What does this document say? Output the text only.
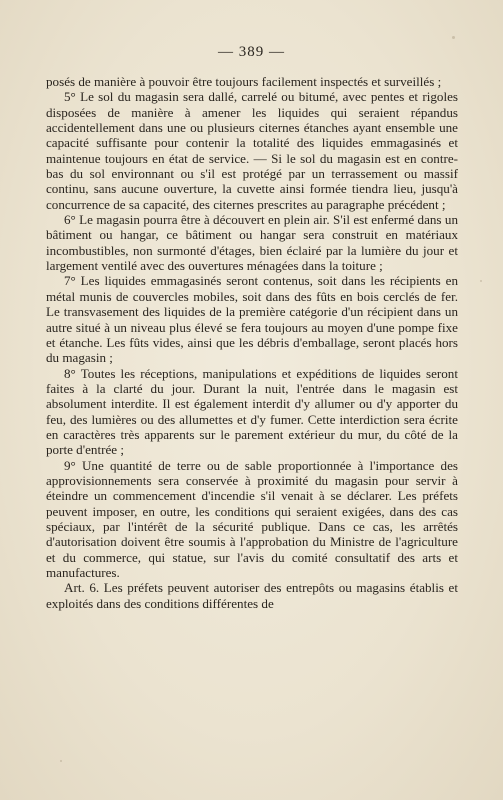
— 389 —

posés de manière à pouvoir être toujours facilement inspectés et surveillés ;

5° Le sol du magasin sera dallé, carrelé ou bitumé, avec pentes et rigoles disposées de manière à amener les liquides qui seraient répandus accidentellement dans une ou plusieurs citernes étanches ayant ensemble une capacité suffisante pour contenir la totalité des liquides emmagasinés et maintenue toujours en état de service. — Si le sol du magasin est en contre-bas du sol environnant ou s'il est protégé par un terrassement ou massif continu, sans aucune ouverture, la cuvette ainsi formée tiendra lieu, jusqu'à concurrence de sa capacité, des citernes prescrites au paragraphe précédent ;

6° Le magasin pourra être à découvert en plein air. S'il est enfermé dans un bâtiment ou hangar, ce bâtiment ou hangar sera construit en matériaux incombustibles, non surmonté d'étages, bien éclairé par la lumière du jour et largement ventilé avec des ouvertures ménagées dans la toiture ;

7° Les liquides emmagasinés seront contenus, soit dans les récipients en métal munis de couvercles mobiles, soit dans des fûts en bois cerclés de fer. Le transvasement des liquides de la première catégorie d'un récipient dans un autre situé à un niveau plus élevé se fera toujours au moyen d'une pompe fixe et étanche. Les fûts vides, ainsi que les débris d'emballage, seront placés hors du magasin ;

8° Toutes les réceptions, manipulations et expéditions de liquides seront faites à la clarté du jour. Durant la nuit, l'entrée dans le magasin est absolument interdite. Il est également interdit d'y allumer ou d'y apporter du feu, des lumières ou des allumettes et d'y fumer. Cette interdiction sera écrite en caractères très apparents sur le parement extérieur du mur, du côté de la porte d'entrée ;

9° Une quantité de terre ou de sable proportionnée à l'importance des approvisionnements sera conservée à proximité du magasin pour servir à éteindre un commencement d'incendie s'il venait à se déclarer. Les préfets peuvent imposer, en outre, les conditions qui seraient exigées, dans des cas spéciaux, par l'intérêt de la sécurité publique. Dans ce cas, les arrêtés d'autorisation doivent être soumis à l'approbation du Ministre de l'agriculture et du commerce, qui statue, sur l'avis du comité consultatif des arts et manufactures.

Art. 6. Les préfets peuvent autoriser des entrepôts ou magasins établis et exploités dans des conditions différentes de
